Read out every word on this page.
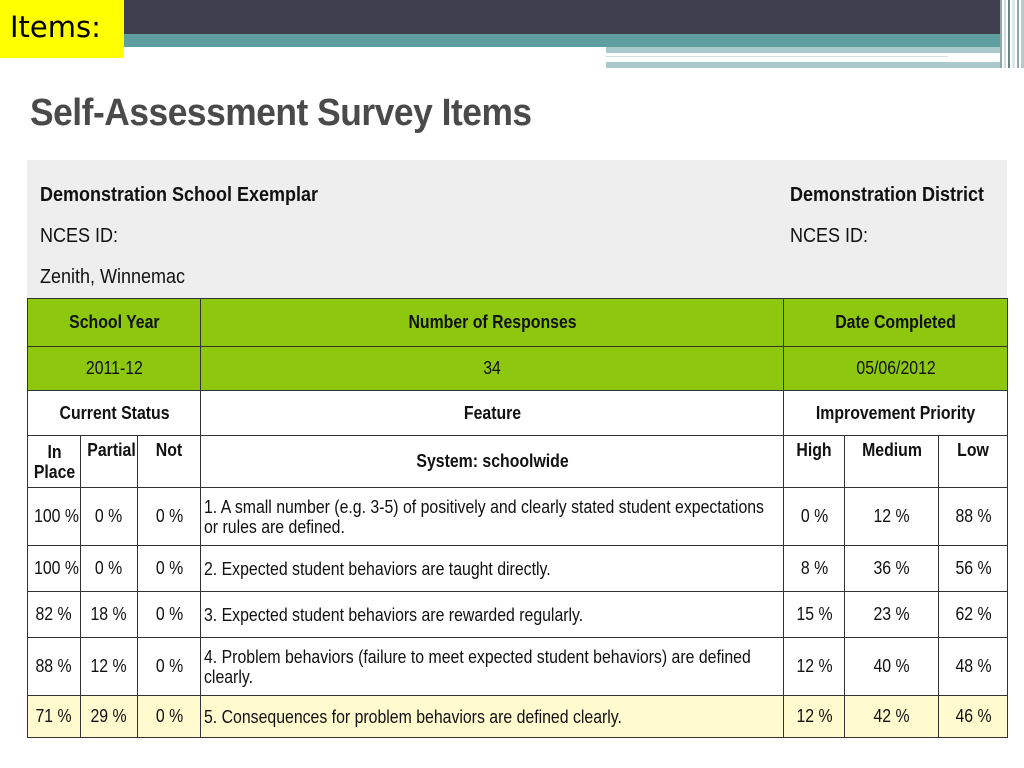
Items:
Self-Assessment Survey Items
Demonstration School Exemplar
NCES ID:
Zenith, Winnemac
Demonstration District
NCES ID:
School Year			Number of Responses	Date Completed		
2011-12			34	05/06/2012		
Current Status			Feature	Improvement Priority		
In Place	Partial	Not	System: schoolwide	High	Medium	Low
100 %	0 %	0 %	1. A small number (e.g. 3-5) of positively and clearly stated student expectations or rules are defined.	0 %	12 %	88 %
100 %	0 %	0 %	2. Expected student behaviors are taught directly.	8 %	36 %	56 %
82 %	18 %	0 %	3. Expected student behaviors are rewarded regularly.	15 %	23 %	62 %
88 %	12 %	0 %	4. Problem behaviors (failure to meet expected student behaviors) are defined clearly.	12 %	40 %	48 %
71 %	29 %	0 %	5. Consequences for problem behaviors are defined clearly.	12 %	42 %	46 %
